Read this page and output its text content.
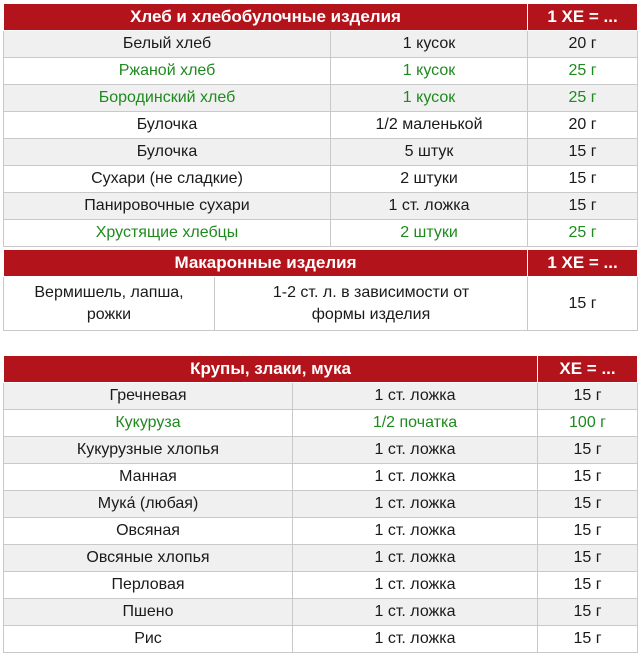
Хлеб и хлебобулочные изделия		1 ХЕ = ...
Белый хлеб	1 кусок	20 г
Ржаной хлеб	1 кусок	25 г
Бородинский хлеб	1 кусок	25 г
Булочка	1/2 маленькой	20 г
Булочка	5 штук	15 г
Сухари (не сладкие)	2 штуки	15 г
Панировочные сухари	1 ст. ложка	15 г
Хрустящие хлебцы	2 штуки	25 г
Макаронные изделия		1 ХЕ = ...
Вермишель, лапша, рожки	1-2 ст. л. в зависимости от формы изделия	15 г
Крупы, злаки, мука		ХЕ = ...
Гречневая	1 ст. ложка	15 г
Кукуруза	1/2 початка	100 г
Кукурузные хлопья	1 ст. ложка	15 г
Манная	1 ст. ложка	15 г
Мука́ (любая)	1 ст. ложка	15 г
Овсяная	1 ст. ложка	15 г
Овсяные хлопья	1 ст. ложка	15 г
Перловая	1 ст. ложка	15 г
Пшено	1 ст. ложка	15 г
Рис	1 ст. ложка	15 г
